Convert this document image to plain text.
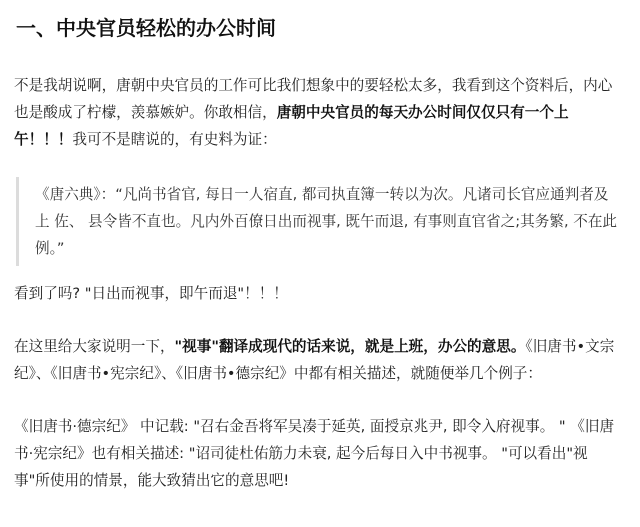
一、中央官员轻松的办公时间

不是我胡说啊，唐朝中央官员的工作可比我们想象中的要轻松太多，我看到这个资料后，内心也是酸成了柠檬，羡慕嫉妒。你敢相信，唐朝中央官员的每天办公时间仅仅只有一个上午！！！我可不是瞎说的，有史料为证：

《唐六典》：“凡尚书省官, 每日一人宿直, 都司执直簿一转以为次。凡诸司长官应通判者及上 佐、 县令皆不直也。凡内外百僚日出而视事, 既午而退, 有事则直官省之;其务繁, 不在此例。”

看到了吗? "日出而视事，即午而退"！！！

在这里给大家说明一下，"视事"翻译成现代的话来说，就是上班，办公的意思。《旧唐书•文宗纪》、《旧唐书•宪宗纪》、《旧唐书•德宗纪》中都有相关描述，就随便举几个例子：

《旧唐书·德宗纪》 中记载: "召右金吾将军吴凑于延英, 面授京兆尹, 即令入府视事。 " 《旧唐书·宪宗纪》也有相关描述: "诏司徒杜佑筋力未衰, 起今后每日入中书视事。 "可以看出"视事"所使用的情景，能大致猜出它的意思吧!
